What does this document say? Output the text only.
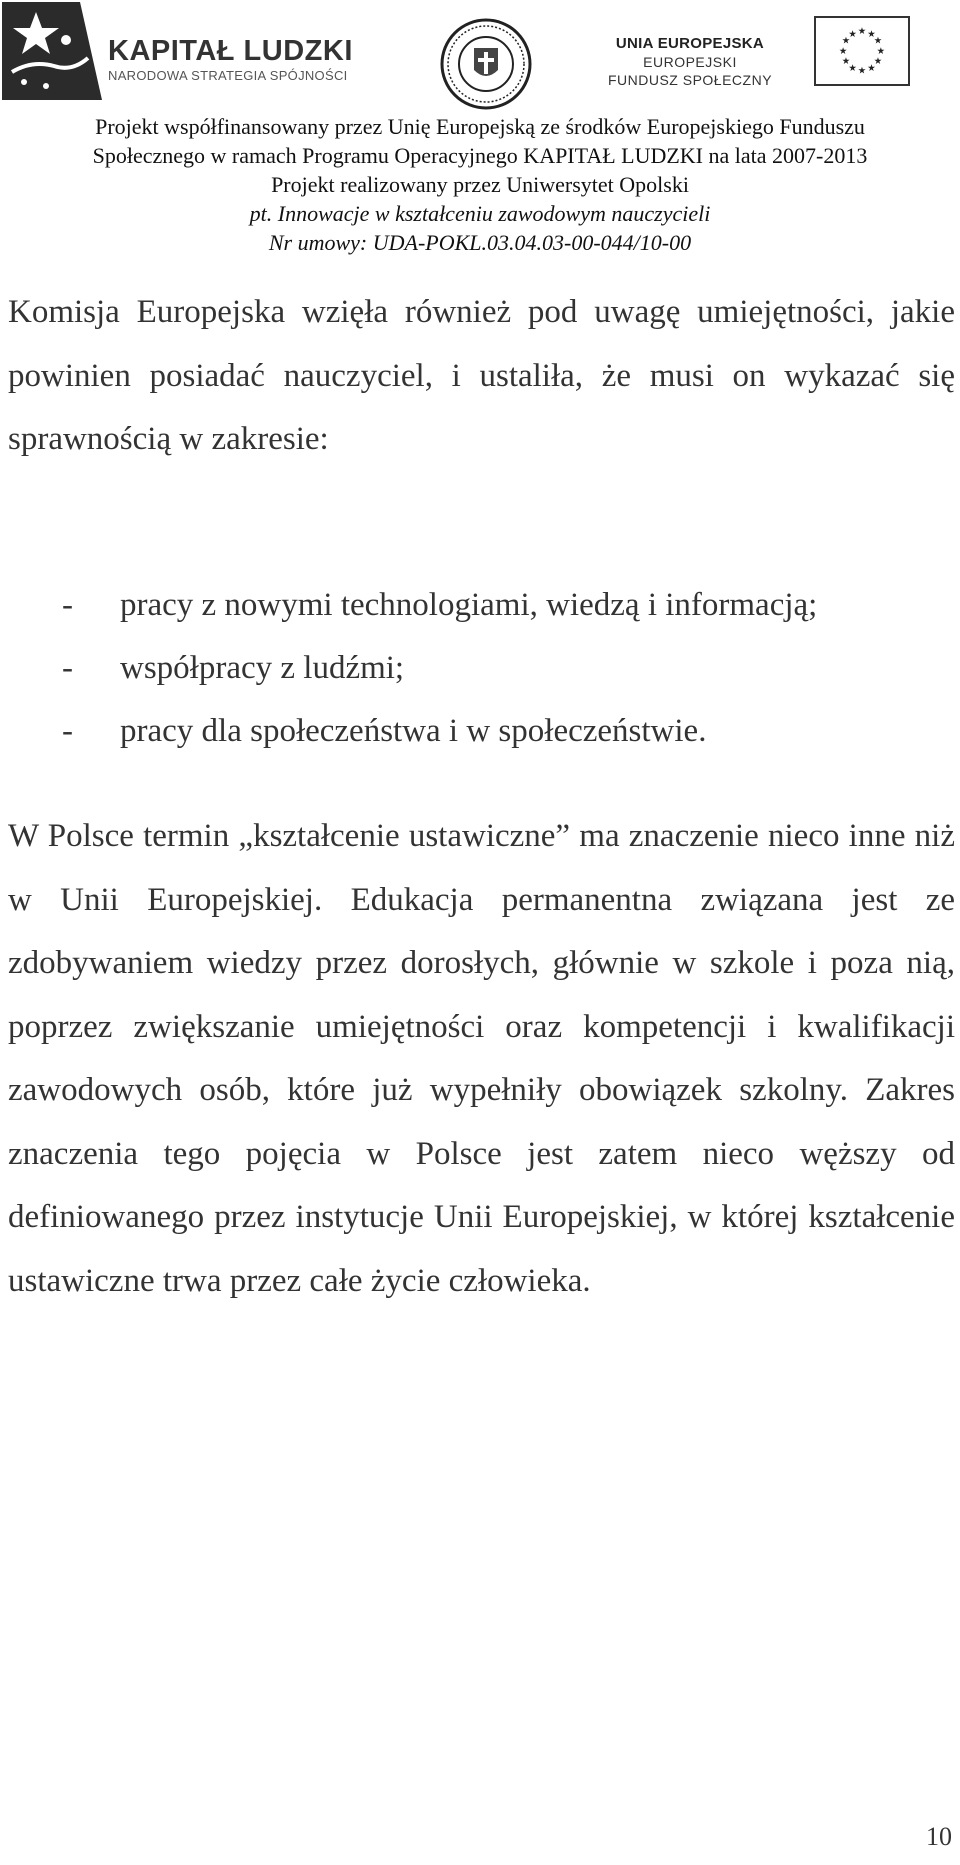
KAPITAŁ LUDZKI
NARODOWA STRATEGIA SPÓJNOŚCI
UNIA EUROPEJSKA
EUROPEJSKI
FUNDUSZ SPOŁECZNY
★ ★
★
★
★
★
★
★
★
★
★
★
Projekt współfinansowany przez Unię Europejską ze środków Europejskiego Funduszu
Społecznego w ramach Programu Operacyjnego KAPITAŁ LUDZKI na lata 2007-2013
Projekt realizowany przez Uniwersytet Opolski
pt. Innowacje w kształceniu zawodowym nauczycieli
Nr umowy: UDA-POKL.03.04.03-00-044/10-00

Komisja Europejska wzięła również pod uwagę umiejętności, jakie powinien posiadać nauczyciel, i ustaliła, że musi on wykazać się sprawnością w zakresie:

- pracy z nowymi technologiami, wiedzą i informacją;
- współpracy z ludźmi;
- pracy dla społeczeństwa i w społeczeństwie.

W Polsce termin „kształcenie ustawiczne” ma znaczenie nieco inne niż w Unii Europejskiej. Edukacja permanentna związana jest ze zdobywaniem wiedzy przez dorosłych, głównie w szkole i poza nią, poprzez zwiększanie umiejętności oraz kompetencji i kwalifikacji zawodowych osób, które już wypełniły obowiązek szkolny. Zakres znaczenia tego pojęcia w Polsce jest zatem nieco węższy od definiowanego przez instytucje Unii Europejskiej, w której kształcenie ustawiczne trwa przez całe życie człowieka.

10
